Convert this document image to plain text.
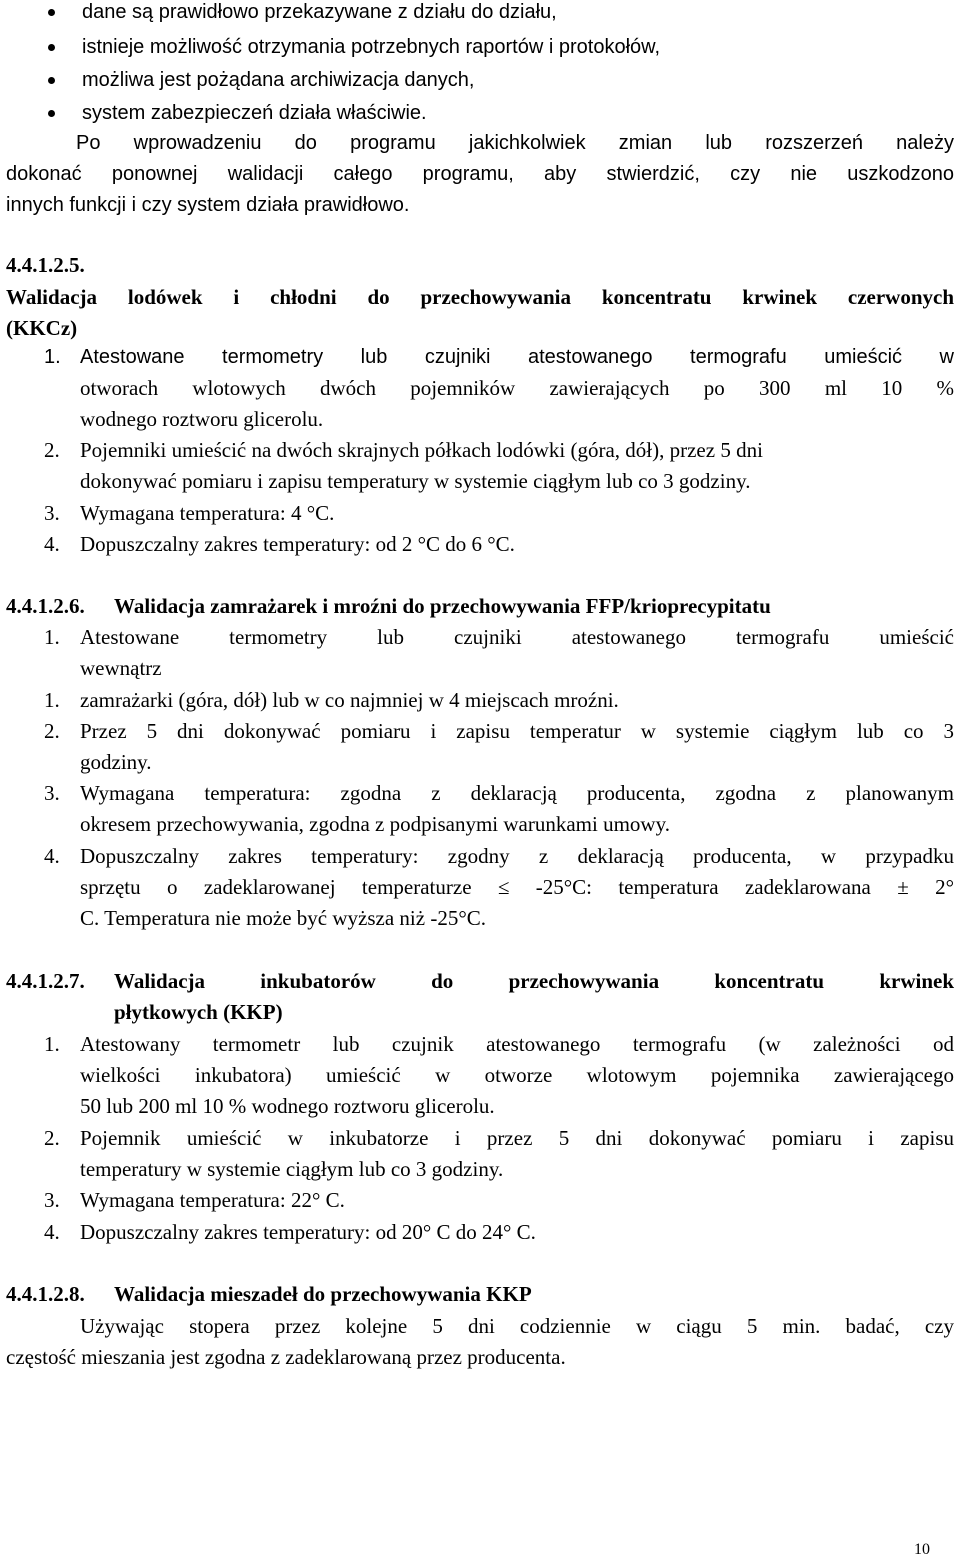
dane są prawidłowo przekazywane z działu do działu,
istnieje możliwość otrzymania potrzebnych raportów i protokołów,
możliwa jest pożądana archiwizacja danych,
system zabezpieczeń działa właściwie.
Po wprowadzeniu do programu jakichkolwiek zmian lub rozszerzeń należy
dokonać ponownej walidacji całego programu, aby stwierdzić, czy nie uszkodzono
innych funkcji i czy system działa prawidłowo.
4.4.1.2.5.
Walidacja lodówek i chłodni do przechowywania koncentratu krwinek czerwonych
(KKCz)
1. Atestowane termometry lub czujniki atestowanego termografu umieścić w
otworach wlotowych dwóch pojemników zawierających po 300 ml 10 %
wodnego roztworu glicerolu.
2. Pojemniki umieścić na dwóch skrajnych półkach lodówki (góra, dół), przez 5 dni
dokonywać pomiaru i zapisu temperatury w systemie ciągłym lub co 3 godziny.
3. Wymagana temperatura: 4 °C.
4. Dopuszczalny zakres temperatury: od 2 °C do 6 °C.
4.4.1.2.6. Walidacja zamrażarek i mroźni do przechowywania FFP/krioprecypitatu
1. Atestowane termometry lub czujniki atestowanego termografu umieścić
wewnątrz
1. zamrażarki (góra, dół) lub w co najmniej w 4 miejscach mroźni.
2. Przez 5 dni dokonywać pomiaru i zapisu temperatur w systemie ciągłym lub co 3
godziny.
3. Wymagana temperatura: zgodna z deklaracją producenta, zgodna z planowanym
okresem przechowywania, zgodna z podpisanymi warunkami umowy.
4. Dopuszczalny zakres temperatury: zgodny z deklaracją producenta, w przypadku
sprzętu o zadeklarowanej temperaturze ≤ -25°C: temperatura zadeklarowana ± 2°
C. Temperatura nie może być wyższa niż -25°C.
4.4.1.2.7. Walidacja inkubatorów do przechowywania koncentratu krwinek
płytkowych (KKP)
1. Atestowany termometr lub czujnik atestowanego termografu (w zależności od
wielkości inkubatora) umieścić w otworze wlotowym pojemnika zawierającego
50 lub 200 ml 10 % wodnego roztworu glicerolu.
2. Pojemnik umieścić w inkubatorze i przez 5 dni dokonywać pomiaru i zapisu
temperatury w systemie ciągłym lub co 3 godziny.
3. Wymagana temperatura: 22° C.
4. Dopuszczalny zakres temperatury: od 20° C do 24° C.
4.4.1.2.8. Walidacja mieszadeł do przechowywania KKP
Używając stopera przez kolejne 5 dni codziennie w ciągu 5 min. badać, czy
częstość mieszania jest zgodna z zadeklarowaną przez producenta.
10
